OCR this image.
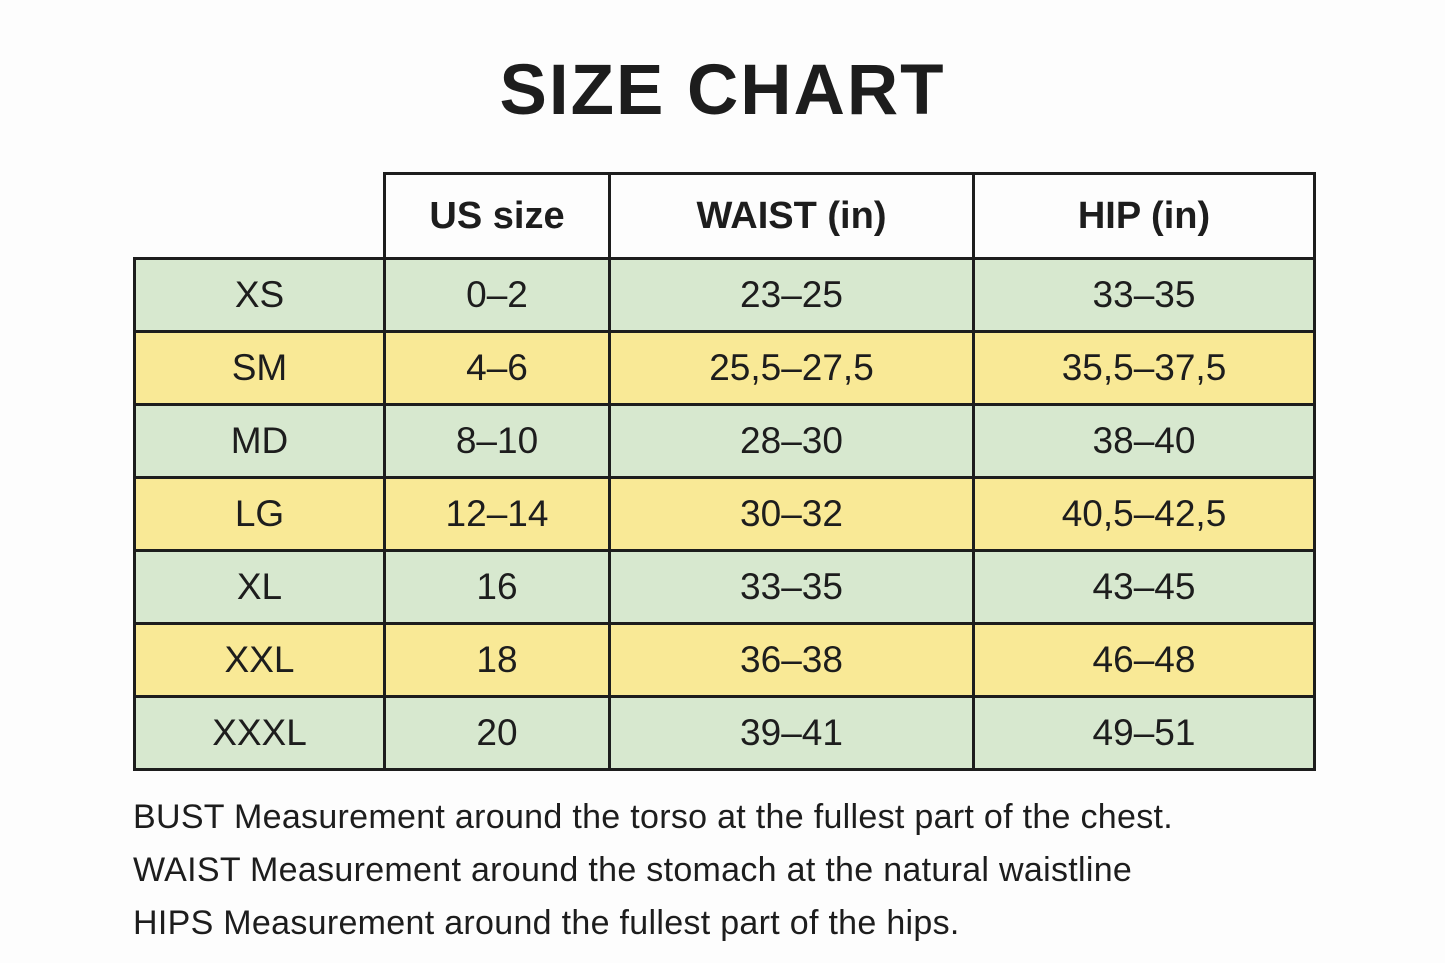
SIZE CHART
	US size	WAIST (in)	HIP (in)
XS	0–2	23–25	33–35
SM	4–6	25,5–27,5	35,5–37,5
MD	8–10	28–30	38–40
LG	12–14	30–32	40,5–42,5
XL	16	33–35	43–45
XXL	18	36–38	46–48
XXXL	20	39–41	49–51

BUST Measurement around the torso at the fullest part of the chest.

WAIST Measurement around the stomach at the natural waistline

HIPS Measurement around the fullest part of the hips.
